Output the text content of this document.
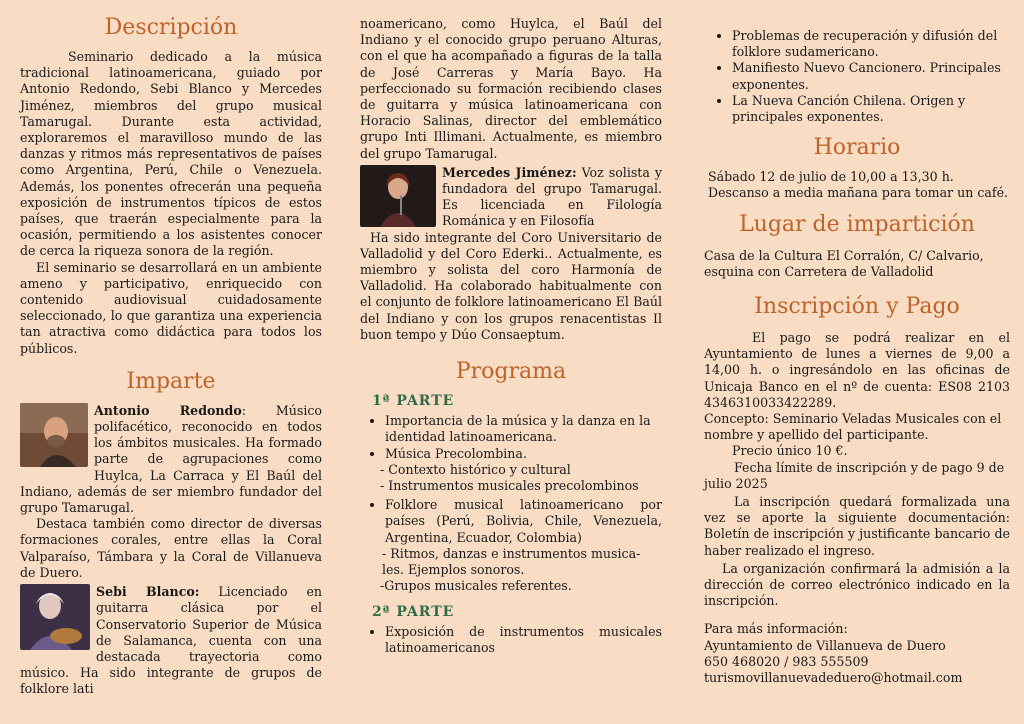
Descripción

Seminario dedicado a la música tradicional latinoamericana, guiado por Antonio Redondo, Sebi Blanco y Mercedes Jiménez, miembros del grupo musical Tamarugal. Durante esta actividad, exploraremos el maravilloso mundo de las danzas y ritmos más representativos de países como Argentina, Perú, Chile o Venezuela. Además, los ponentes ofrecerán una pequeña exposición de instrumentos típicos de estos países, que traerán especialmente para la ocasión, permitiendo a los asistentes conocer de cerca la riqueza sonora de la región.

El seminario se desarrollará en un ambiente ameno y participativo, enriquecido con contenido audiovisual cuidadosamente seleccionado, lo que garantiza una experiencia tan atractiva como didáctica para todos los públicos.

Imparte
Antonio Redondo: Músico polifacético, reconocido en todos los ámbitos musicales. Ha formado parte de agrupaciones como Huylca, La Carraca y El Baúl del Indiano, además de ser miembro fundador del grupo Tamarugal.

Destaca también como director de diversas formaciones corales, entre ellas la Coral Valparaíso, Támbara y la Coral de Villanueva de Duero.

Sebi Blanco: Licenciado en guitarra clásica por el Conservatorio Superior de Música de Salamanca, cuenta con una destacada trayectoria como músico. Ha sido integrante de grupos de folklore lati

noamericano, como Huylca, el Baúl del Indiano y el conocido grupo peruano Alturas, con el que ha acompañado a figuras de la talla de José Carreras y María Bayo. Ha perfeccionado su formación recibiendo clases de guitarra y música latinoamericana con Horacio Salinas, director del emblemático grupo Inti Illimani. Actualmente, es miembro del grupo Tamarugal.

Mercedes Jiménez: Voz solista y fundadora del grupo Tamarugal. Es licenciada en Filología Románica y en Filosofía

Ha sido integrante del Coro Universitario de Valladolid y del Coro Ederki.. Actualmente, es miembro y solista del coro Harmonía de Valladolid. Ha colaborado habitualmente con el conjunto de folklore latinoamericano El Baúl del Indiano y con los grupos renacentistas Il buon tempo y Dúo Consaeptum.

Programa
1ª PARTE
• Importancia de la música y la danza en la identidad latinoamericana.
• Música Precolombina.
- Contexto histórico y cultural
- Instrumentos musicales precolombinos
• Folklore musical latinoamericano por países (Perú, Bolivia, Chile, Venezuela, Argentina, Ecuador, Colombia)
- Ritmos, danzas e instrumentos musica-les. Ejemplos sonoros.
-Grupos musicales referentes.
2ª PARTE
• Exposición de instrumentos musicales latinoamericanos
• Problemas de recuperación y difusión del folklore sudamericano.
• Manifiesto Nuevo Cancionero. Principales exponentes.
• La Nueva Canción Chilena. Origen y principales exponentes.
Horario

Sábado 12 de julio de 10,00 a 13,30 h. Descanso a media mañana para tomar un café.

Lugar de impartición

Casa de la Cultura El Corralón, C/ Calvario, esquina con Carretera de Valladolid

Inscripción y Pago

El pago se podrá realizar en el Ayuntamiento de lunes a viernes de 9,00 a 14,00 h. o ingresándolo en las oficinas de Unicaja Banco en el nº de cuenta: ES08 2103 4346310033422289.

Concepto: Seminario Veladas Musicales con el nombre y apellido del participante.

Precio único 10 €.

Fecha límite de inscripción y de pago 9 de julio 2025

La inscripción quedará formalizada una vez se aporte la siguiente documentación: Boletín de inscripción y justificante bancario de haber realizado el ingreso.

La organización confirmará la admisión a la dirección de correo electrónico indicado en la inscripción.

Para más información:

Ayuntamiento de Villanueva de Duero

650 468020 / 983 555509

turismovillanuevadeduero@hotmail.com
